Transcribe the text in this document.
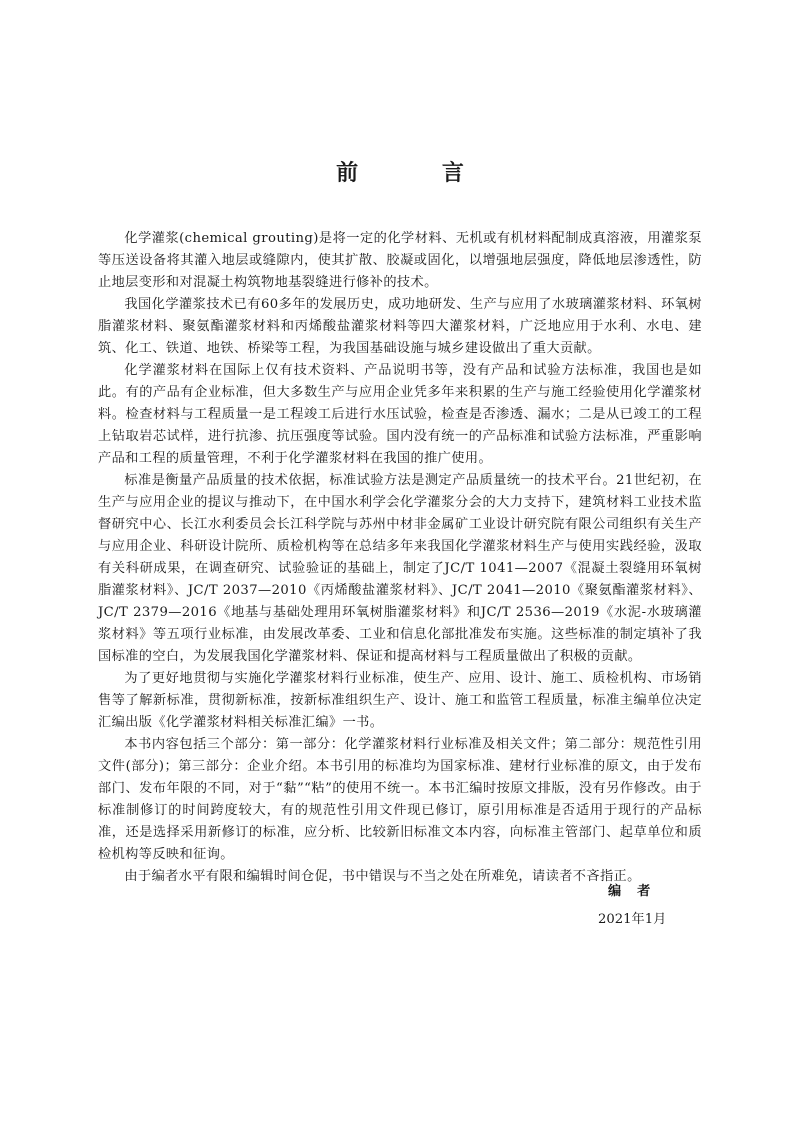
前 言

化学灌浆(chemical grouting)是将一定的化学材料、无机或有机材料配制成真溶液，用灌浆泵等压送设备将其灌入地层或缝隙内，使其扩散、胶凝或固化，以增强地层强度，降低地层渗透性，防止地层变形和对混凝土构筑物地基裂缝进行修补的技术。

我国化学灌浆技术已有60多年的发展历史，成功地研发、生产与应用了水玻璃灌浆材料、环氧树脂灌浆材料、聚氨酯灌浆材料和丙烯酸盐灌浆材料等四大灌浆材料，广泛地应用于水利、水电、建筑、化工、铁道、地铁、桥梁等工程，为我国基础设施与城乡建设做出了重大贡献。

化学灌浆材料在国际上仅有技术资料、产品说明书等，没有产品和试验方法标准，我国也是如此。有的产品有企业标准，但大多数生产与应用企业凭多年来积累的生产与施工经验使用化学灌浆材料。检查材料与工程质量一是工程竣工后进行水压试验，检查是否渗透、漏水；二是从已竣工的工程上钻取岩芯试样，进行抗渗、抗压强度等试验。国内没有统一的产品标准和试验方法标准，严重影响产品和工程的质量管理，不利于化学灌浆材料在我国的推广使用。

标准是衡量产品质量的技术依据，标准试验方法是测定产品质量统一的技术平台。21世纪初，在生产与应用企业的提议与推动下，在中国水利学会化学灌浆分会的大力支持下，建筑材料工业技术监督研究中心、长江水利委员会长江科学院与苏州中材非金属矿工业设计研究院有限公司组织有关生产与应用企业、科研设计院所、质检机构等在总结多年来我国化学灌浆材料生产与使用实践经验，汲取有关科研成果，在调查研究、试验验证的基础上，制定了JC/T 1041—2007《混凝土裂缝用环氧树脂灌浆材料》、JC/T 2037—2010《丙烯酸盐灌浆材料》、JC/T 2041—2010《聚氨酯灌浆材料》、JC/T 2379—2016《地基与基础处理用环氧树脂灌浆材料》和JC/T 2536—2019《水泥-水玻璃灌浆材料》等五项行业标准，由发展改革委、工业和信息化部批准发布实施。这些标准的制定填补了我国标准的空白，为发展我国化学灌浆材料、保证和提高材料与工程质量做出了积极的贡献。

为了更好地贯彻与实施化学灌浆材料行业标准，使生产、应用、设计、施工、质检机构、市场销售等了解新标准，贯彻新标准，按新标准组织生产、设计、施工和监管工程质量，标准主编单位决定汇编出版《化学灌浆材料相关标准汇编》一书。

本书内容包括三个部分：第一部分：化学灌浆材料行业标准及相关文件；第二部分：规范性引用文件(部分)；第三部分：企业介绍。本书引用的标准均为国家标准、建材行业标准的原文，由于发布部门、发布年限的不同，对于“黏”“粘”的使用不统一。本书汇编时按原文排版，没有另作修改。由于标准制修订的时间跨度较大，有的规范性引用文件现已修订，原引用标准是否适用于现行的产品标准，还是选择采用新修订的标准，应分析、比较新旧标准文本内容，向标准主管部门、起草单位和质检机构等反映和征询。

由于编者水平有限和编辑时间仓促，书中错误与不当之处在所难免，请读者不吝指正。

编者
2021年1月
